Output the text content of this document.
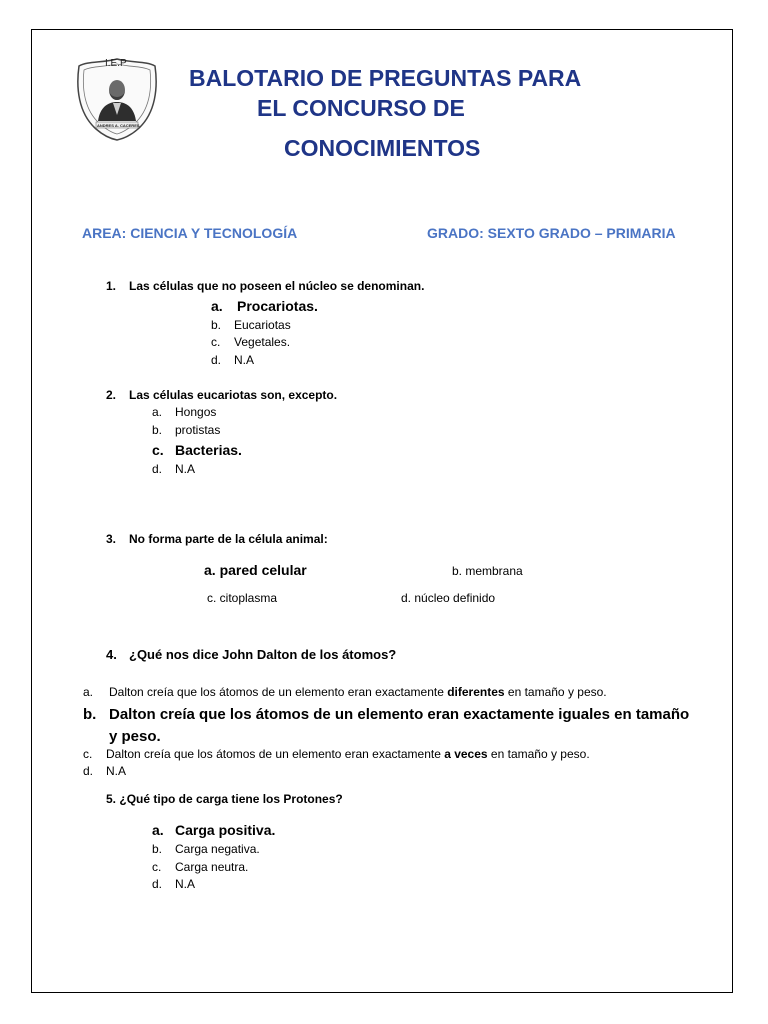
I.E.P
ANDRES A. CACERES
BALOTARIO DE PREGUNTAS PARA
EL CONCURSO DE
CONOCIMIENTOS
AREA: CIENCIA Y TECNOLOGÍA	GRADO: SEXTO GRADO – PRIMARIA
1. Las células que no poseen el núcleo se denominan.
a. Procariotas.
b. Eucariotas
c. Vegetales.
d. N.A
2. Las células eucariotas son, excepto.
a. Hongos
b. protistas
c. Bacterias.
d. N.A
3. No forma parte de la célula animal:
a. pared celular	b. membrana
c. citoplasma	d. núcleo definido
4. ¿Qué nos dice John Dalton de los átomos?
a. Dalton creía que los átomos de un elemento eran exactamente diferentes en tamaño y peso.
b. Dalton creía que los átomos de un elemento eran exactamente iguales en tamaño
y peso.
c. Dalton creía que los átomos de un elemento eran exactamente a veces en tamaño y peso.
d. N.A
5. ¿Qué tipo de carga tiene los Protones?
a. Carga positiva.
b. Carga negativa.
c. Carga neutra.
d. N.A
